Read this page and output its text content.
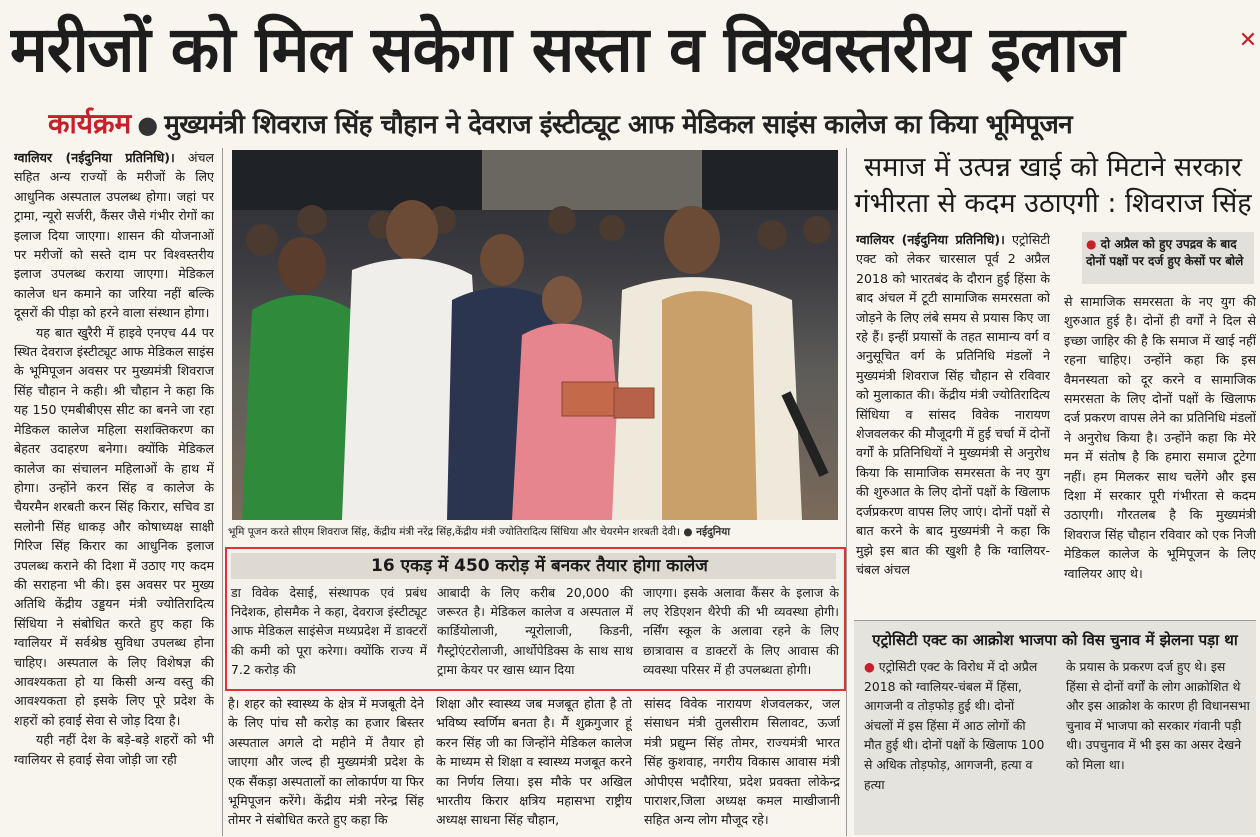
मरीजों को मिल सकेगा सस्ता व विश्वस्तरीय इलाज	✕
कार्यक्रम ● मुख्यमंत्री शिवराज सिंह चौहान ने देवराज इंस्टीट्यूट आफ मेडिकल साइंस कालेज का किया भूमिपूजन

ग्वालियर (नईदुनिया प्रतिनिधि)। अंचल सहित अन्य राज्यों के मरीजों के लिए आधुनिक अस्पताल उपलब्ध होगा। जहां पर ट्रामा, न्यूरो सर्जरी, कैंसर जैसे गंभीर रोगों का इलाज दिया जाएगा। शासन की योजनाओं पर मरीजों को सस्ते दाम पर विश्वस्तरीय इलाज उपलब्ध कराया जाएगा। मेडिकल कालेज धन कमाने का जरिया नहीं बल्कि दूसरों की पीड़ा को हरने वाला संस्थान होगा।

यह बात खुरैरी में हाइवे एनएच 44 पर स्थित देवराज इंस्टीट्यूट आफ मेडिकल साइंस के भूमिपूजन अवसर पर मुख्यमंत्री शिवराज सिंह चौहान ने कही। श्री चौहान ने कहा कि यह 150 एमबीबीएस सीट का बनने जा रहा मेडिकल कालेज महिला सशक्तिकरण का बेहतर उदाहरण बनेगा। क्योंकि मेडिकल कालेज का संचालन महिलाओं के हाथ में होगा। उन्होंने करन सिंह व कालेज के चैयरमैन शरबती करन सिंह किरार, सचिव डा सलोनी सिंह धाकड़ और कोषाध्यक्ष साक्षी गिरिज सिंह किरार का आधुनिक इलाज उपलब्ध कराने की दिशा में उठाए गए कदम की सराहना भी की। इस अवसर पर मुख्य अतिथि केंद्रीय उड्डयन मंत्री ज्योतिरादित्य सिंधिया ने संबोधित करते हुए कहा कि ग्वालियर में सर्वश्रेष्ठ सुविधा उपलब्ध होना चाहिए। अस्पताल के लिए विशेषज्ञ की आवश्यकता हो या किसी अन्य वस्तु की आवश्यकता हो इसके लिए पूरे प्रदेश के शहरों को हवाई सेवा से जोड़ दिया है।

यही नहीं देश के बड़े-बड़े शहरों को भी ग्वालियर से हवाई सेवा जोड़ी जा रही

भूमि पूजन करते सीएम शिवराज सिंह, केंद्रीय मंत्री नरेंद्र सिंह,केंद्रीय मंत्री ज्योतिरादित्य सिंधिया और चेयरमेन शरबती देवी। ● नईदुनिया
16 एकड़ में 450 करोड़ में बनकर तैयार होगा कालेज
डा विवेक देसाई, संस्थापक एवं प्रबंध निदेशक, होसमैक ने कहा, देवराज इंस्टीट्यूट आफ मेडिकल साइंसेज मध्यप्रदेश में डाक्टरों की कमी को पूरा करेगा। क्योंकि राज्य में 7.2 करोड़ की
आबादी के लिए करीब 20,000 की जरूरत है। मेडिकल कालेज व अस्पताल में कार्डियोलाजी, न्यूरोलाजी, किडनी, गैस्ट्रोएंटरोलाजी, आर्थोपेडिक्स के साथ साथ ट्रामा केयर पर खास ध्यान दिया
जाएगा। इसके अलावा कैंसर के इलाज के लए रेडिएशन थैरेपी की भी व्यवस्था होगी। नर्सिंग स्कूल के अलावा रहने के लिए छात्रावास व डाक्टरों के लिए आवास की व्यवस्था परिसर में ही उपलब्धता होगी।
है। शहर को स्वास्थ्य के क्षेत्र में मजबूती देने के लिए पांच सौ करोड़ का हजार बिस्तर अस्पताल अगले दो महीने में तैयार हो जाएगा और जल्द ही मुख्यमंत्री प्रदेश के एक सैंकड़ा अस्पतालों का लोकार्पण या फिर भूमिपूजन करेंगे। केंद्रीय मंत्री नरेन्द्र सिंह तोमर ने संबोधित करते हुए कहा कि
शिक्षा और स्वास्थ्य जब मजबूत होता है तो भविष्य स्वर्णिम बनता है। मैं शुक्रगुजार हूं करन सिंह जी का जिन्होंने मेडिकल कालेज के माध्यम से शिक्षा व स्वास्थ्य मजबूत करने का निर्णय लिया। इस मौके पर अखिल भारतीय किरार क्षत्रिय महासभा राष्ट्रीय अध्यक्ष साधना सिंह चौहान,
सांसद विवेक नारायण शेजवलकर, जल संसाधन मंत्री तुलसीराम सिलावट, ऊर्जा मंत्री प्रद्युम्न सिंह तोमर, राज्यमंत्री भारत सिंह कुशवाह, नगरीय विकास आवास मंत्री ओपीएस भदौरिया, प्रदेश प्रवक्ता लोकेन्द्र पाराशर,जिला अध्यक्ष कमल माखीजानी सहित अन्य लोग मौजूद रहे।
समाज में उत्पन्न खाई को मिटाने सरकार गंभीरता से कदम उठाएगी : शिवराज सिंह

ग्वालियर (नईदुनिया प्रतिनिधि)। एट्रोसिटी एक्ट को लेकर चारसाल पूर्व 2 अप्रैल 2018 को भारतबंद के दौरान हुई हिंसा के बाद अंचल में टूटी सामाजिक समरसता को जोड़ने के लिए लंबे समय से प्रयास किए जा रहे हैं। इन्हीं प्रयासों के तहत सामान्य वर्ग व अनुसूचित वर्ग के प्रतिनिधि मंडलों ने मुख्यमंत्री शिवराज सिंह चौहान से रविवार को मुलाकात की। केंद्रीय मंत्री ज्योतिरादित्य सिंधिया व सांसद विवेक नारायण शेजवलकर की मौजूदगी में हुई चर्चा में दोनों वर्गों के प्रतिनिधियों ने मुख्यमंत्री से अनुरोध किया कि सामाजिक समरसता के नए युग की शुरुआत के लिए दोनों पक्षों के खिलाफ दर्जप्रकरण वापस लिए जाएं। दोनों पक्षों से बात करने के बाद मुख्यमंत्री ने कहा कि मुझे इस बात की खुशी है कि ग्वालियर-चंबल अंचल

● दो अप्रैल को हुए उपद्रव के बाद दोनों पक्षों पर दर्ज हुए केसों पर बोले
से सामाजिक समरसता के नए युग की शुरुआत हुई है। दोनों ही वर्गों ने दिल से इच्छा जाहिर की है कि समाज में खाई नहीं रहना चाहिए। उन्होंने कहा कि इस वैमनस्यता को दूर करने व सामाजिक समरसता के लिए दोनों पक्षों के खिलाफ दर्ज प्रकरण वापस लेने का प्रतिनिधि मंडलों ने अनुरोध किया है। उन्होंने कहा कि मेरे मन में संतोष है कि हमारा समाज टूटेगा नहीं। हम मिलकर साथ चलेंगे और इस दिशा में सरकार पूरी गंभीरता से कदम उठाएगी। गौरतलब है कि मुख्यमंत्री शिवराज सिंह चौहान रविवार को एक निजी मेडिकल कालेज के भूमिपूजन के लिए ग्वालियर आए थे।
एट्रोसिटी एक्ट का आक्रोश भाजपा को विस चुनाव में झेलना पड़ा था
● एट्रोसिटी एक्ट के विरोध में दो अप्रैल 2018 को ग्वालियर-चंबल में हिंसा, आगजनी व तोड़फोड़ हुई थी। दोनों अंचलों में इस हिंसा में आठ लोगों की मौत हुई थी। दोनों पक्षों के खिलाफ 100 से अधिक तोड़फोड़, आगजनी, हत्या व हत्या
के प्रयास के प्रकरण दर्ज हुए थे। इस हिंसा से दोनों वर्गों के लोग आक्रोशित थे और इस आक्रोश के कारण ही विधानसभा चुनाव में भाजपा को सरकार गंवानी पड़ी थी। उपचुनाव में भी इस का असर देखने को मिला था।
